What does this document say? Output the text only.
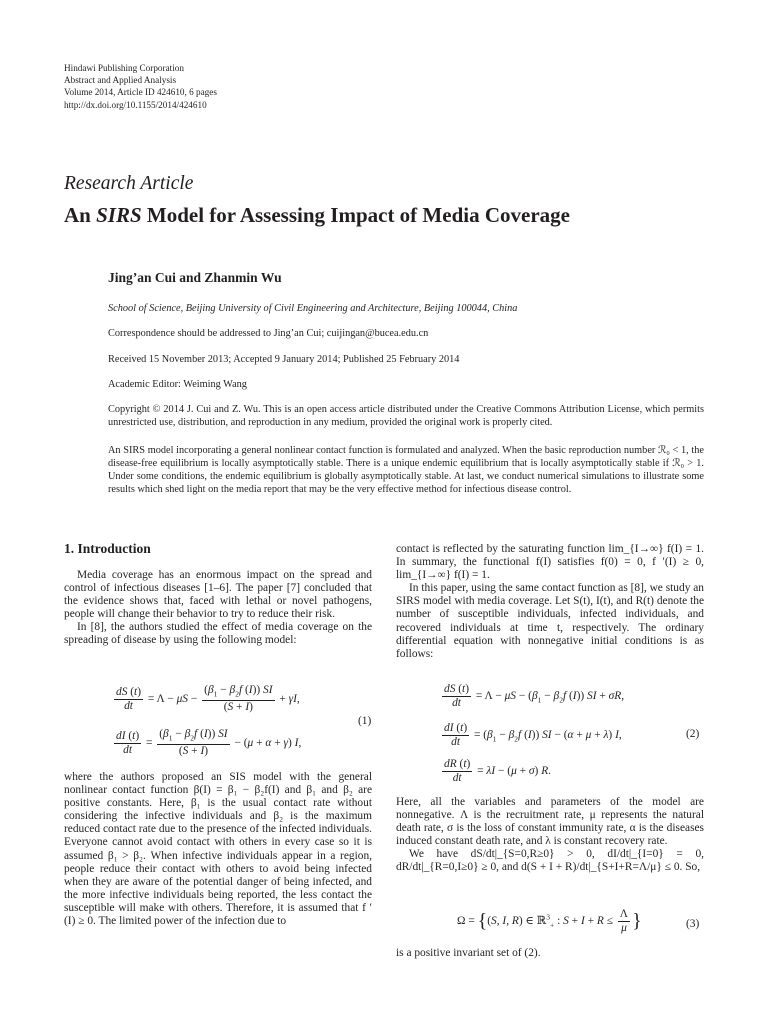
Hindawi Publishing Corporation
Abstract and Applied Analysis
Volume 2014, Article ID 424610, 6 pages
http://dx.doi.org/10.1155/2014/424610
Research Article
An SIRS Model for Assessing Impact of Media Coverage
Jing’an Cui and Zhanmin Wu
School of Science, Beijing University of Civil Engineering and Architecture, Beijing 100044, China
Correspondence should be addressed to Jing’an Cui; cuijingan@bucea.edu.cn
Received 15 November 2013; Accepted 9 January 2014; Published 25 February 2014
Academic Editor: Weiming Wang
Copyright © 2014 J. Cui and Z. Wu. This is an open access article distributed under the Creative Commons Attribution License, which permits unrestricted use, distribution, and reproduction in any medium, provided the original work is properly cited.
An SIRS model incorporating a general nonlinear contact function is formulated and analyzed. When the basic reproduction number ℛ₀ < 1, the disease-free equilibrium is locally asymptotically stable. There is a unique endemic equilibrium that is locally asymptotically stable if ℛ₀ > 1. Under some conditions, the endemic equilibrium is globally asymptotically stable. At last, we conduct numerical simulations to illustrate some results which shed light on the media report that may be the very effective method for infectious disease control.
1. Introduction

Media coverage has an enormous impact on the spread and control of infectious diseases [1–6]. The paper [7] concluded that the evidence shows that, faced with lethal or novel pathogens, people will change their behavior to try to reduce their risk.

In [8], the authors studied the effect of media coverage on the spreading of disease by using the following model:

$\frac{dS (t)}{dt} = \Lambda - \mu S - \frac{(\beta_1 - \beta_2f (I)) SI}{(S + I)} + \gamma I$,
$\frac{dI (t)}{dt} = \frac{(\beta_1 - \beta_2f (I)) SI}{(S + I)} - (\mu + \alpha + \gamma)$ I,
(1)

where the authors proposed an SIS model with the general nonlinear contact function β(I) = β₁ − β₂f(I) and β₁ and β₂ are positive constants. Here, β₁ is the usual contact rate without considering the infective individuals and β₂ is the maximum reduced contact rate due to the presence of the infected individuals. Everyone cannot avoid contact with others in every case so it is assumed β₁ > β₂. When infective individuals appear in a region, people reduce their contact with others to avoid being infected when they are aware of the potential danger of being infected, and the more infective individuals being reported, the less contact the susceptible will make with others. Therefore, it is assumed that f ′(I) ≥ 0. The limited power of the infection due to

contact is reflected by the saturating function lim_{I→∞} f(I) = 1. In summary, the functional f(I) satisfies f(0) = 0, f ′(I) ≥ 0, lim_{I→∞} f(I) = 1.

In this paper, using the same contact function as [8], we study an SIRS model with media coverage. Let S(t), I(t), and R(t) denote the number of susceptible individuals, infected individuals, and recovered individuals at time t, respectively. The ordinary differential equation with nonnegative initial conditions is as follows:

$\frac{dS (t)}{dt} = \Lambda - \mu S - (\beta_1 - \beta_2f$ (I)) SI + σR,
$\frac{dI (t)}{dt} = (\beta_1 - \beta_2f$ (I)) SI − (α + μ + λ) I,	(2)
$\frac{dR (t)}{dt} = \lambda I - (\mu + \sigma)$ R.

Here, all the variables and parameters of the model are nonnegative. Λ is the recruitment rate, μ represents the natural death rate, σ is the loss of constant immunity rate, α is the diseases induced constant death rate, and λ is constant recovery rate.

We have dS/dt|_{S=0,R≥0} > 0, dI/dt|_{I=0} = 0, dR/dt|_{R=0,I≥0} ≥ 0, and d(S + I + R)/dt|_{S+I+R=Λ/μ} ≤ 0. So,

Ω = {(S, I, R) ∈ ℝ$^3_+$ : $S + I + R \le \frac{\Lambda}{\mu}$ }	(3)

is a positive invariant set of (2).
